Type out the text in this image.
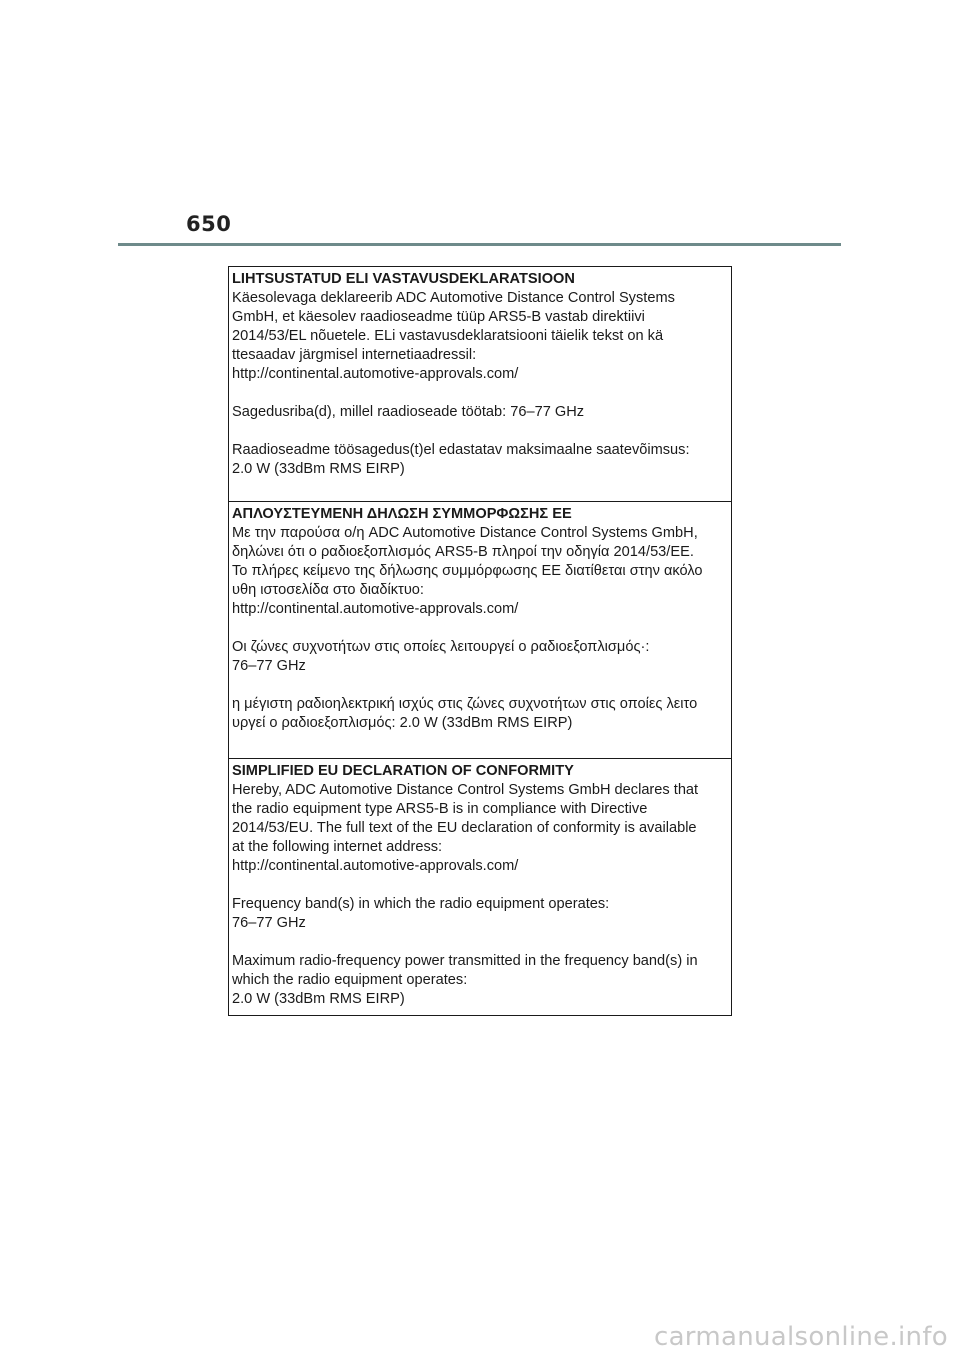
650

LIHTSUSTATUD ELI VASTAVUSDEKLARATSIOON

Käesolevaga deklareerib ADC Automotive Distance Control Systems

GmbH, et käesolev raadioseadme tüüp ARS5-B vastab direktiivi

2014/53/EL nõuetele. ELi vastavusdeklaratsiooni täielik tekst on kä

ttesaadav järgmisel internetiaadressil:

http://continental.automotive-approvals.com/

Sagedusriba(d), millel raadioseade töötab: 76–77 GHz

Raadioseadme töösagedus(t)el edastatav maksimaalne saatevõimsus:

2.0 W (33dBm RMS EIRP)

ΑΠΛΟΥΣΤΕΥΜΕΝΗ ΔΗΛΩΣΗ ΣΥΜΜΟΡΦΩΣΗΣ ΕΕ

Με την παρούσα ο/η ADC Automotive Distance Control Systems GmbH,

δηλώνει ότι ο ραδιοεξοπλισμός ARS5-B πληροί την οδηγία 2014/53/ΕΕ.

Το πλήρες κείμενο της δήλωσης συμμόρφωσης ΕΕ διατίθεται στην ακόλο

υθη ιστοσελίδα στο διαδίκτυο:

http://continental.automotive-approvals.com/

Οι ζώνες συχνοτήτων στις οποίες λειτουργεί ο ραδιοεξοπλισμός·:

76–77 GHz

η μέγιστη ραδιοηλεκτρική ισχύς στις ζώνες συχνοτήτων στις οποίες λειτο

υργεί ο ραδιοεξοπλισμός: 2.0 W (33dBm RMS EIRP)

SIMPLIFIED EU DECLARATION OF CONFORMITY

Hereby, ADC Automotive Distance Control Systems GmbH declares that

the radio equipment type ARS5-B is in compliance with Directive

2014/53/EU. The full text of the EU declaration of conformity is available

at the following internet address:

http://continental.automotive-approvals.com/

Frequency band(s) in which the radio equipment operates:

76–77 GHz

Maximum radio-frequency power transmitted in the frequency band(s) in

which the radio equipment operates:

2.0 W (33dBm RMS EIRP)

carmanualsonline.info
